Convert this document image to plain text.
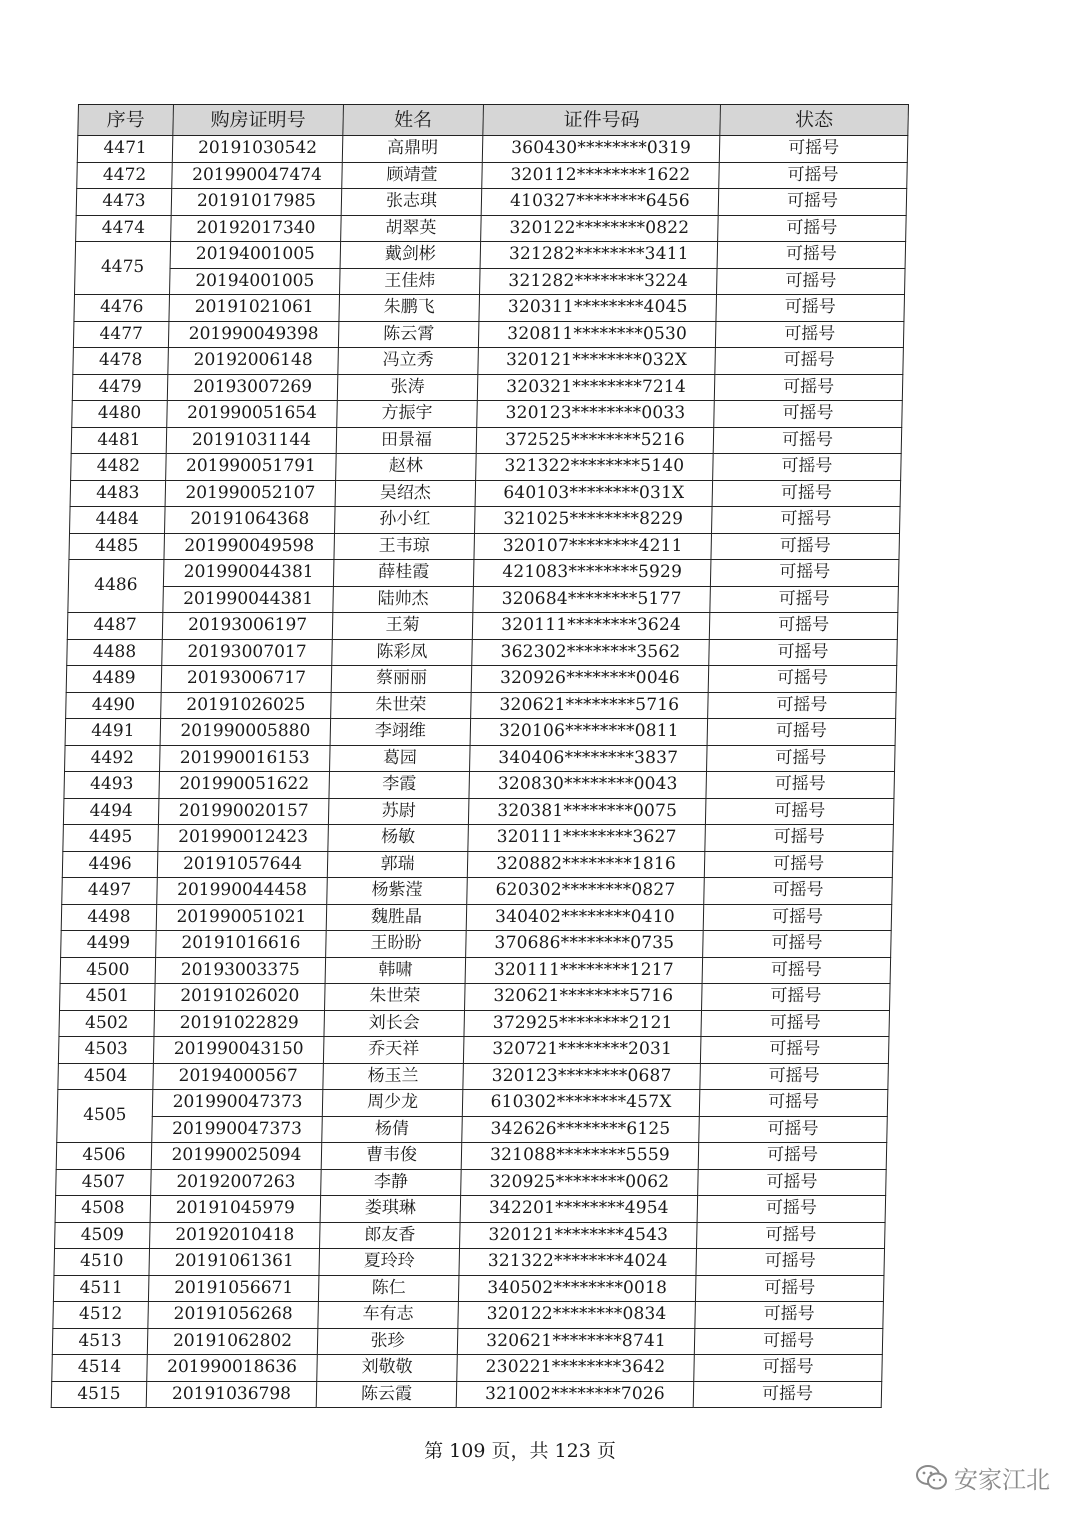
序号	购房证明号	姓名	证件号码	状态
4471	20191030542	高鼎明	360430********0319	可摇号
4472	201990047474	顾靖萱	320112********1622	可摇号
4473	20191017985	张志琪	410327********6456	可摇号
4474	20192017340	胡翠英	320122********0822	可摇号
4475	20194001005	戴剑彬	321282********3411	可摇号
	20194001005	王佳炜	321282********3224	可摇号
4476	20191021061	朱鹏飞	320311********4045	可摇号
4477	201990049398	陈云霄	320811********0530	可摇号
4478	20192006148	冯立秀	320121********032X	可摇号
4479	20193007269	张涛	320321********7214	可摇号
4480	201990051654	方振宇	320123********0033	可摇号
4481	20191031144	田景福	372525********5216	可摇号
4482	201990051791	赵林	321322********5140	可摇号
4483	201990052107	吴绍杰	640103********031X	可摇号
4484	20191064368	孙小红	321025********8229	可摇号
4485	201990049598	王韦琼	320107********4211	可摇号
4486	201990044381	薛桂霞	421083********5929	可摇号
	201990044381	陆帅杰	320684********5177	可摇号
4487	20193006197	王菊	320111********3624	可摇号
4488	20193007017	陈彩凤	362302********3562	可摇号
4489	20193006717	蔡丽丽	320926********0046	可摇号
4490	20191026025	朱世荣	320621********5716	可摇号
4491	201990005880	李翊维	320106********0811	可摇号
4492	201990016153	葛园	340406********3837	可摇号
4493	201990051622	李霞	320830********0043	可摇号
4494	201990020157	苏尉	320381********0075	可摇号
4495	201990012423	杨敏	320111********3627	可摇号
4496	20191057644	郭瑞	320882********1816	可摇号
4497	201990044458	杨紫滢	620302********0827	可摇号
4498	201990051021	魏胜晶	340402********0410	可摇号
4499	20191016616	王盼盼	370686********0735	可摇号
4500	20193003375	韩啸	320111********1217	可摇号
4501	20191026020	朱世荣	320621********5716	可摇号
4502	20191022829	刘长会	372925********2121	可摇号
4503	201990043150	乔天祥	320721********2031	可摇号
4504	20194000567	杨玉兰	320123********0687	可摇号
4505	201990047373	周少龙	610302********457X	可摇号
	201990047373	杨倩	342626********6125	可摇号
4506	201990025094	曹韦俊	321088********5559	可摇号
4507	20192007263	李静	320925********0062	可摇号
4508	20191045979	娄琪琳	342201********4954	可摇号
4509	20192010418	郎友香	320121********4543	可摇号
4510	20191061361	夏玲玲	321322********4024	可摇号
4511	20191056671	陈仁	340502********0018	可摇号
4512	20191056268	车有志	320122********0834	可摇号
4513	20191062802	张珍	320621********8741	可摇号
4514	201990018636	刘敬敬	230221********3642	可摇号
4515	20191036798	陈云霞	321002********7026	可摇号
第 109 页，共 123 页
安家江北
